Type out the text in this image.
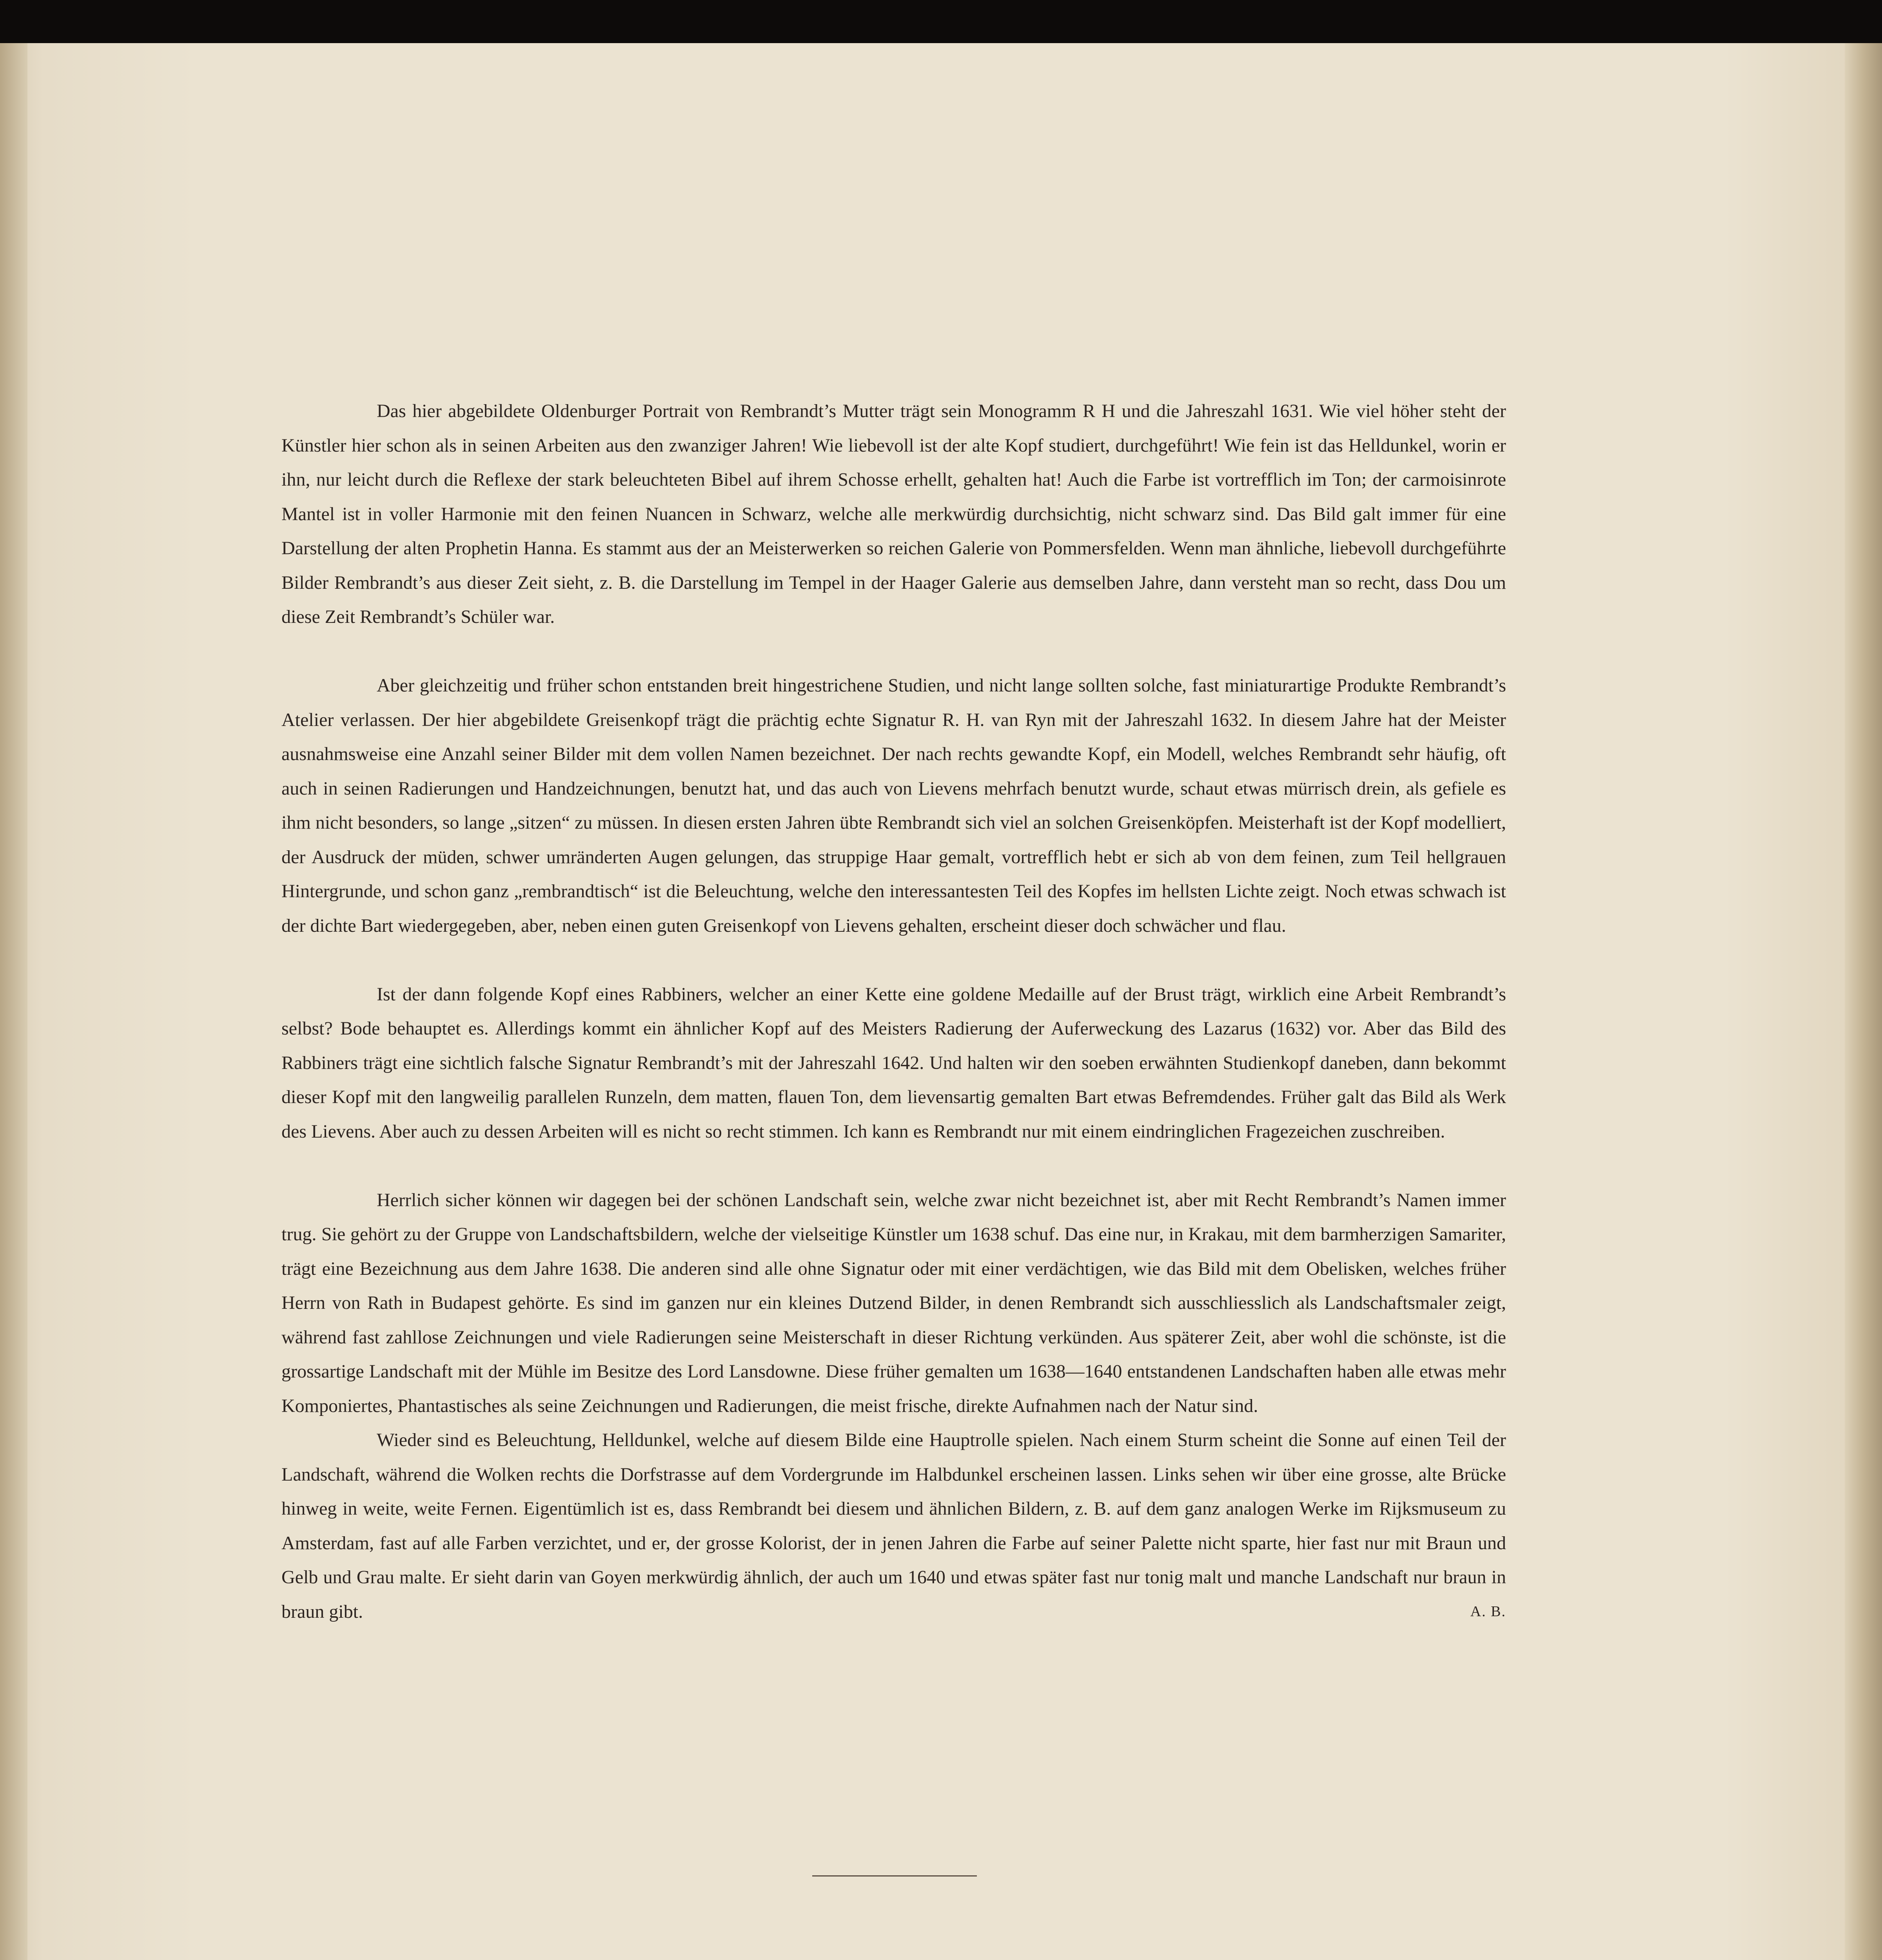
Das hier abgebildete Oldenburger Portrait von Rembrandt’s Mutter trägt sein Monogramm R H und die Jahreszahl 1631. Wie viel höher steht der Künstler hier schon als in seinen Arbeiten aus den zwanziger Jahren! Wie liebevoll ist der alte Kopf studiert, durchgeführt! Wie fein ist das Helldunkel, worin er ihn, nur leicht durch die Reflexe der stark beleuchteten Bibel auf ihrem Schosse erhellt, gehalten hat! Auch die Farbe ist vortrefflich im Ton; der carmoisinrote Mantel ist in voller Harmonie mit den feinen Nuancen in Schwarz, welche alle merkwürdig durchsichtig, nicht schwarz sind. Das Bild galt immer für eine Darstellung der alten Prophetin Hanna. Es stammt aus der an Meisterwerken so reichen Galerie von Pommersfelden. Wenn man ähnliche, liebevoll durchgeführte Bilder Rembrandt’s aus dieser Zeit sieht, z. B. die Darstellung im Tempel in der Haager Galerie aus demselben Jahre, dann versteht man so recht, dass Dou um diese Zeit Rembrandt’s Schüler war.

Aber gleichzeitig und früher schon entstanden breit hingestrichene Studien, und nicht lange sollten solche, fast miniaturartige Produkte Rembrandt’s Atelier verlassen. Der hier abgebildete Greisenkopf trägt die prächtig echte Signatur R. H. van Ryn mit der Jahreszahl 1632. In diesem Jahre hat der Meister ausnahmsweise eine Anzahl seiner Bilder mit dem vollen Namen bezeichnet. Der nach rechts gewandte Kopf, ein Modell, welches Rembrandt sehr häufig, oft auch in seinen Radierungen und Handzeichnungen, benutzt hat, und das auch von Lievens mehrfach benutzt wurde, schaut etwas mürrisch drein, als gefiele es ihm nicht besonders, so lange „sitzen“ zu müssen. In diesen ersten Jahren übte Rembrandt sich viel an solchen Greisenköpfen. Meisterhaft ist der Kopf modelliert, der Ausdruck der müden, schwer umränderten Augen gelungen, das struppige Haar gemalt, vortrefflich hebt er sich ab von dem feinen, zum Teil hellgrauen Hintergrunde, und schon ganz „rembrandtisch“ ist die Beleuchtung, welche den interessantesten Teil des Kopfes im hellsten Lichte zeigt. Noch etwas schwach ist der dichte Bart wiedergegeben, aber, neben einen guten Greisenkopf von Lievens gehalten, erscheint dieser doch schwächer und flau.

Ist der dann folgende Kopf eines Rabbiners, welcher an einer Kette eine goldene Medaille auf der Brust trägt, wirklich eine Arbeit Rembrandt’s selbst? Bode behauptet es. Allerdings kommt ein ähnlicher Kopf auf des Meisters Radierung der Auferweckung des Lazarus (1632) vor. Aber das Bild des Rabbiners trägt eine sichtlich falsche Signatur Rembrandt’s mit der Jahreszahl 1642. Und halten wir den soeben erwähnten Studienkopf daneben, dann bekommt dieser Kopf mit den langweilig parallelen Runzeln, dem matten, flauen Ton, dem lievensartig gemalten Bart etwas Befremdendes. Früher galt das Bild als Werk des Lievens. Aber auch zu dessen Arbeiten will es nicht so recht stimmen. Ich kann es Rembrandt nur mit einem eindringlichen Fragezeichen zuschreiben.

Herrlich sicher können wir dagegen bei der schönen Landschaft sein, welche zwar nicht bezeichnet ist, aber mit Recht Rembrandt’s Namen immer trug. Sie gehört zu der Gruppe von Landschaftsbildern, welche der vielseitige Künstler um 1638 schuf. Das eine nur, in Krakau, mit dem barmherzigen Samariter, trägt eine Bezeichnung aus dem Jahre 1638. Die anderen sind alle ohne Signatur oder mit einer verdächtigen, wie das Bild mit dem Obelisken, welches früher Herrn von Rath in Budapest gehörte. Es sind im ganzen nur ein kleines Dutzend Bilder, in denen Rembrandt sich ausschliesslich als Landschaftsmaler zeigt, während fast zahllose Zeichnungen und viele Radierungen seine Meisterschaft in dieser Richtung verkünden. Aus späterer Zeit, aber wohl die schönste, ist die grossartige Landschaft mit der Mühle im Besitze des Lord Lansdowne. Diese früher gemalten um 1638—1640 entstandenen Landschaften haben alle etwas mehr Komponiertes, Phantastisches als seine Zeichnungen und Radierungen, die meist frische, direkte Aufnahmen nach der Natur sind.

Wieder sind es Beleuchtung, Helldunkel, welche auf diesem Bilde eine Hauptrolle spielen. Nach einem Sturm scheint die Sonne auf einen Teil der Landschaft, während die Wolken rechts die Dorfstrasse auf dem Vordergrunde im Halbdunkel erscheinen lassen. Links sehen wir über eine grosse, alte Brücke hinweg in weite, weite Fernen. Eigentümlich ist es, dass Rembrandt bei diesem und ähnlichen Bildern, z. B. auf dem ganz analogen Werke im Rijksmuseum zu Amsterdam, fast auf alle Farben verzichtet, und er, der grosse Kolorist, der in jenen Jahren die Farbe auf seiner Palette nicht sparte, hier fast nur mit Braun und Gelb und Grau malte. Er sieht darin van Goyen merkwürdig ähnlich, der auch um 1640 und etwas später fast nur tonig malt und manche Landschaft nur braun in braun gibt.	A. B.
